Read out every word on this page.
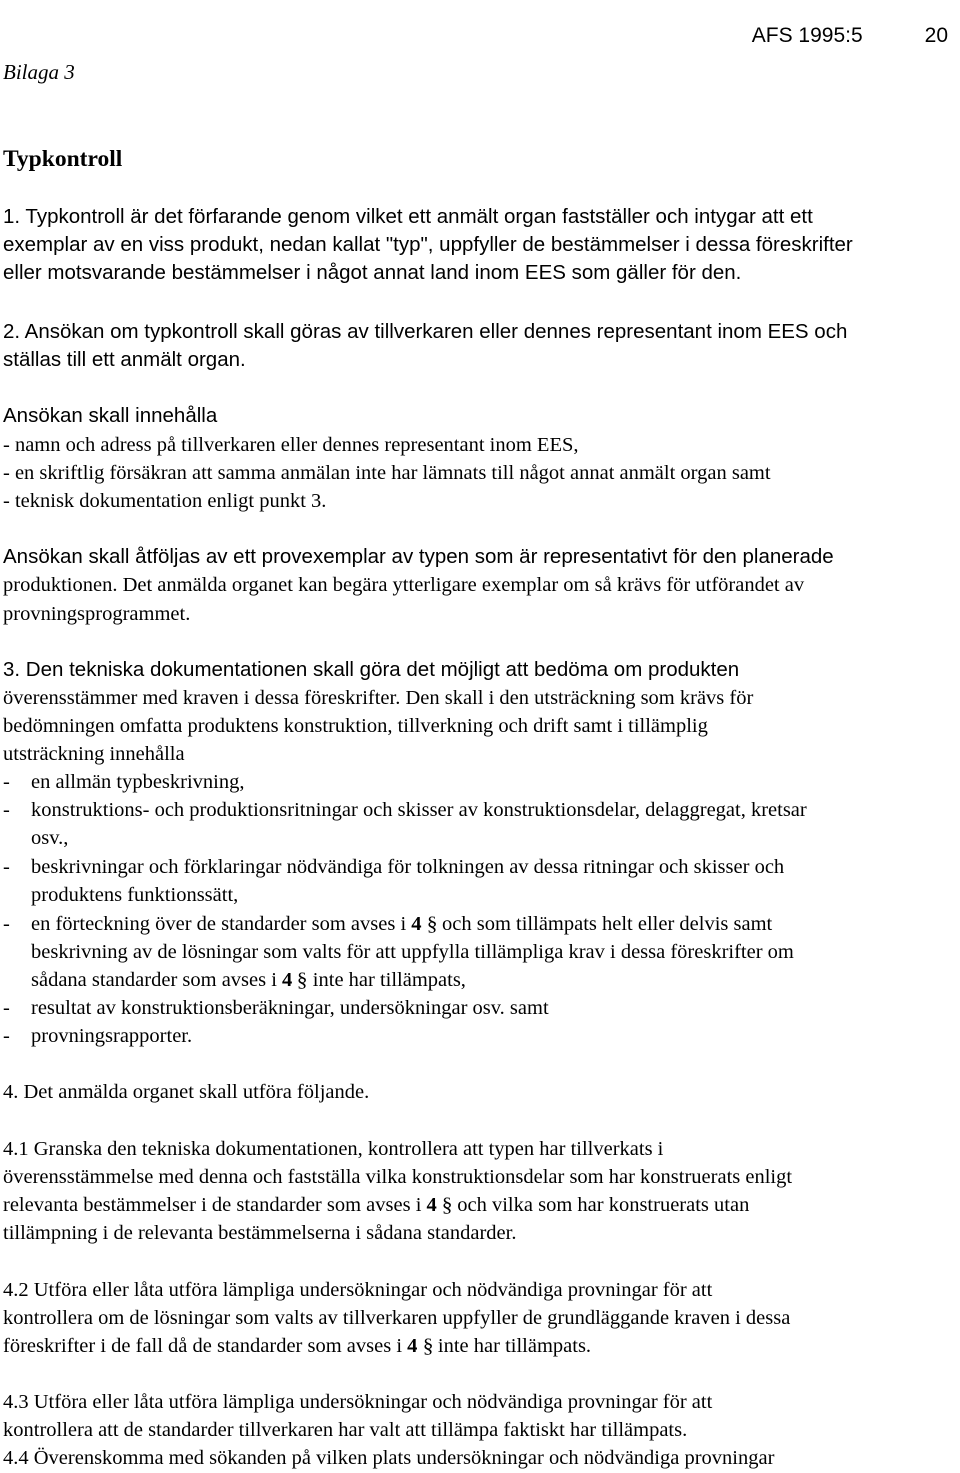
AFS 1995:5	20

Bilaga 3
Typkontroll
1. Typkontroll är det förfarande genom vilket ett anmält organ fastställer och intygar att ett
exemplar av en viss produkt, nedan kallat "typ", uppfyller de bestämmelser i dessa föreskrifter
eller motsvarande bestämmelser i något annat land inom EES som gäller för den.
2. Ansökan om typkontroll skall göras av tillverkaren eller dennes representant inom EES och
ställas till ett anmält organ.
Ansökan skall innehålla
- namn och adress på tillverkaren eller dennes representant inom EES,
- en skriftlig försäkran att samma anmälan inte har lämnats till något annat anmält organ samt
- teknisk dokumentation enligt punkt 3.
Ansökan skall åtföljas av ett provexemplar av typen som är representativt för den planerade
produktionen. Det anmälda organet kan begära ytterligare exemplar om så krävs för utförandet av
provningsprogrammet.
3. Den tekniska dokumentationen skall göra det möjligt att bedöma om produkten
överensstämmer med kraven i dessa föreskrifter. Den skall i den utsträckning som krävs för
bedömningen omfatta produktens konstruktion, tillverkning och drift samt i tillämplig
utsträckning innehålla
- en allmän typbeskrivning,
- konstruktions- och produktionsritningar och skisser av konstruktionsdelar, delaggregat, kretsar
osv.,
- beskrivningar och förklaringar nödvändiga för tolkningen av dessa ritningar och skisser och
produktens funktionssätt,
- resultat av konstruktionsberäkningar, undersökningar osv. samt
- provningsrapporter.
- en förteckning över de standarder som avses i 4 § och som tillämpats helt eller delvis samt
beskrivning av de lösningar som valts för att uppfylla tillämpliga krav i dessa föreskrifter om
sådana standarder som avses i 4 § inte har tillämpats,
4. Det anmälda organet skall utföra följande.
4.1 Granska den tekniska dokumentationen, kontrollera att typen har tillverkats i
överensstämmelse med denna och fastställa vilka konstruktionsdelar som har konstruerats enligt
relevanta bestämmelser i de standarder som avses i 4 § och vilka som har konstruerats utan
tillämpning i de relevanta bestämmelserna i sådana standarder.
4.2 Utföra eller låta utföra lämpliga undersökningar och nödvändiga provningar för att
kontrollera om de lösningar som valts av tillverkaren uppfyller de grundläggande kraven i dessa
föreskrifter i de fall då de standarder som avses i 4 § inte har tillämpats.
4.3 Utföra eller låta utföra lämpliga undersökningar och nödvändiga provningar för att
kontrollera att de standarder tillverkaren har valt att tillämpa faktiskt har tillämpats.
4.4 Överenskomma med sökanden på vilken plats undersökningar och nödvändiga provningar
